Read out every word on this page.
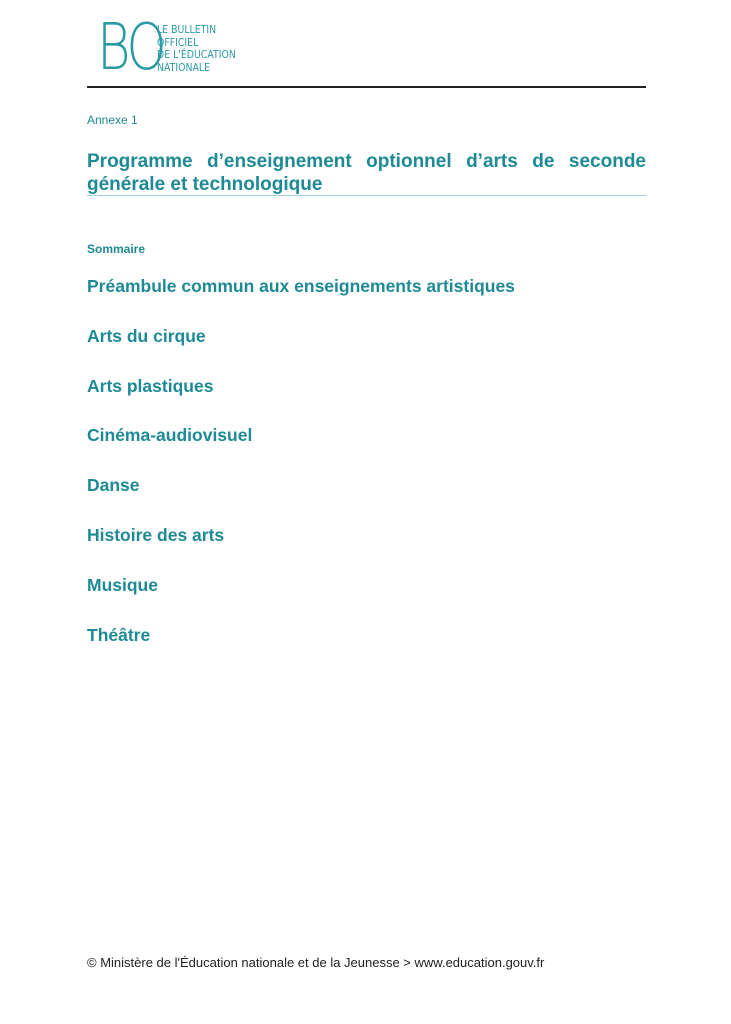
BO
LE BULLETIN
OFFICIEL
DE L'ÉDUCATION
NATIONALE
Annexe 1
Programme d’enseignement optionnel d’arts de seconde générale et technologique
Sommaire
Préambule commun aux enseignements artistiques
Arts du cirque
Arts plastiques
Cinéma-audiovisuel
Danse
Histoire des arts
Musique
Théâtre
© Ministère de l'Éducation nationale et de la Jeunesse > www.education.gouv.fr
